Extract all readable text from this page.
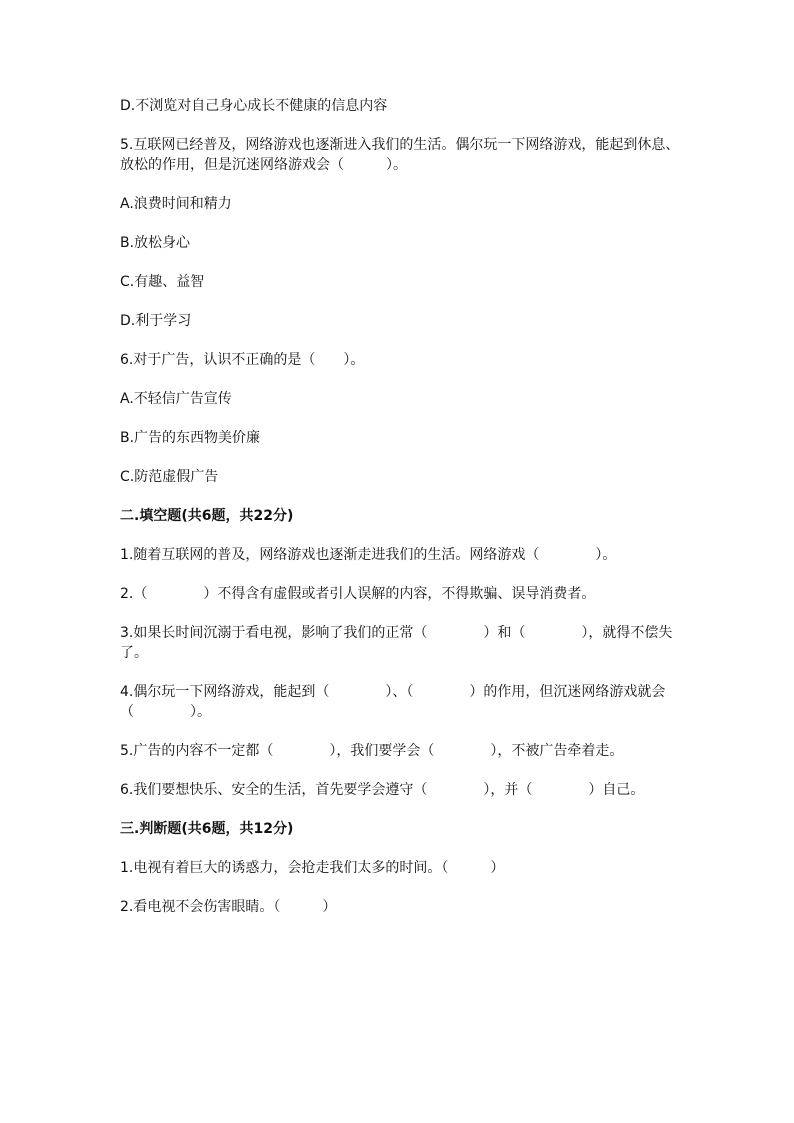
D.不浏览对自己身心成长不健康的信息内容

5.互联网已经普及，网络游戏也逐渐进入我们的生活。偶尔玩一下网络游戏，能起到休息、放松的作用，但是沉迷网络游戏会（　　　）。

A.浪费时间和精力

B.放松身心

C.有趣、益智

D.利于学习

6.对于广告，认识不正确的是（　　）。

A.不轻信广告宣传

B.广告的东西物美价廉

C.防范虚假广告

二.填空题(共6题，共22分)

1.随着互联网的普及，网络游戏也逐渐走进我们的生活。网络游戏（　　　　）。

2.（　　　　）不得含有虚假或者引人误解的内容，不得欺骗、误导消费者。

3.如果长时间沉溺于看电视，影响了我们的正常（　　　　）和（　　　　），就得不偿失了。

4.偶尔玩一下网络游戏，能起到（　　　　）、（　　　　）的作用，但沉迷网络游戏就会（　　　　）。

5.广告的内容不一定都（　　　　），我们要学会（　　　　），不被广告牵着走。

6.我们要想快乐、安全的生活，首先要学会遵守（　　　　），并（　　　　）自己。

三.判断题(共6题，共12分)

1.电视有着巨大的诱惑力，会抢走我们太多的时间。（　　　）

2.看电视不会伤害眼睛。（　　　）
